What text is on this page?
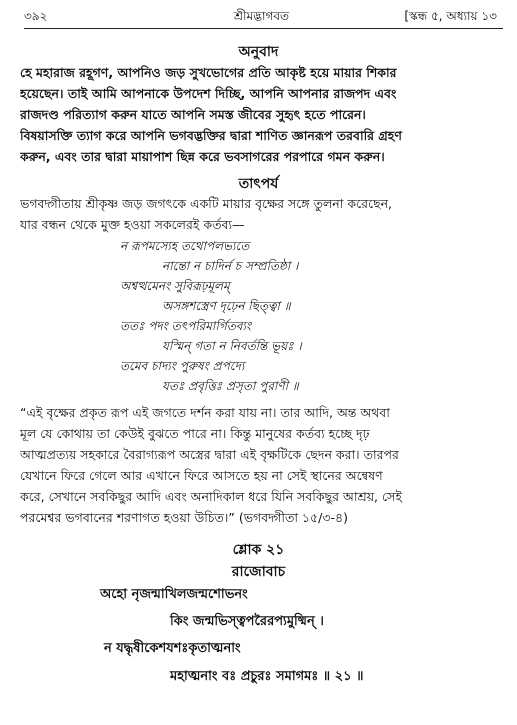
৩৯২	শ্রীমদ্ভাগবত	[স্কন্ধ ৫, অধ্যায় ১৩
অনুবাদ
হে মহারাজ রহূগণ, আপনিও জড় সুখভোগের প্রতি আকৃষ্ট হয়ে মায়ার শিকার
হয়েছেন। তাই আমি আপনাকে উপদেশ দিচ্ছি, আপনি আপনার রাজপদ এবং
রাজদণ্ড পরিত্যাগ করুন যাতে আপনি সমস্ত জীবের সুহৃৎ হতে পারেন।
বিষয়াসক্তি ত্যাগ করে আপনি ভগবদ্ভক্তির দ্বারা শাণিত জ্ঞানরূপ তরবারি গ্রহণ
করুন, এবং তার দ্বারা মায়াপাশ ছিন্ন করে ভবসাগরের পরপারে গমন করুন।
তাৎপর্য
ভগবদ্গীতায় শ্রীকৃষ্ণ জড় জগৎকে একটি মায়ার বৃক্ষের সঙ্গে তুলনা করেছেন,
যার বন্ধন থেকে মুক্ত হওয়া সকলেরই কর্তব্য—
ন রূপমস্যেহ তথোপলভ্যতে
নান্তো ন চাদির্ন চ সম্প্রতিষ্ঠা ।
অশ্বত্থমেনং সুবিরূঢ়মূলম্
অসঙ্গশস্ত্রেণ দৃঢ়েন ছিত্ত্বা ॥
ততঃ পদং তৎপরিমার্গিতব্যং
যস্মিন্ গতা ন নিবর্তন্তি ভূয়ঃ ।
তমেব চাদ্যং পুরুষং প্রপদ্যে
যতঃ প্রবৃত্তিঃ প্রসৃতা পুরাণী ॥
“এই বৃক্ষের প্রকৃত রূপ এই জগতে দর্শন করা যায় না। তার আদি, অন্ত অথবা
মূল যে কোথায় তা কেউই বুঝতে পারে না। কিন্তু মানুষের কর্তব্য হচ্ছে দৃঢ়
আত্মপ্রত্যয় সহকারে বৈরাগ্যরূপ অস্ত্রের দ্বারা এই বৃক্ষটিকে ছেদন করা। তারপর
যেখানে ফিরে গেলে আর এখানে ফিরে আসতে হয় না সেই স্থানের অন্বেষণ
করে, সেখানে সবকিছুর আদি এবং অনাদিকাল ধরে যিনি সবকিছুর আশ্রয়, সেই
পরমেশ্বর ভগবানের শরণাগত হওয়া উচিত।” (ভগবদ্গীতা ১৫/৩-৪)
শ্লোক ২১
রাজোবাচ
অহো নৃজন্মাখিলজন্মশোভনং
কিং জন্মভিস্ত্বপরৈরপ্যমুষ্মিন্ ।
ন যদ্ধৃষীকেশযশঃকৃতাত্মনাং
মহাত্মনাং বঃ প্রচুরঃ সমাগমঃ ॥ ২১ ॥
